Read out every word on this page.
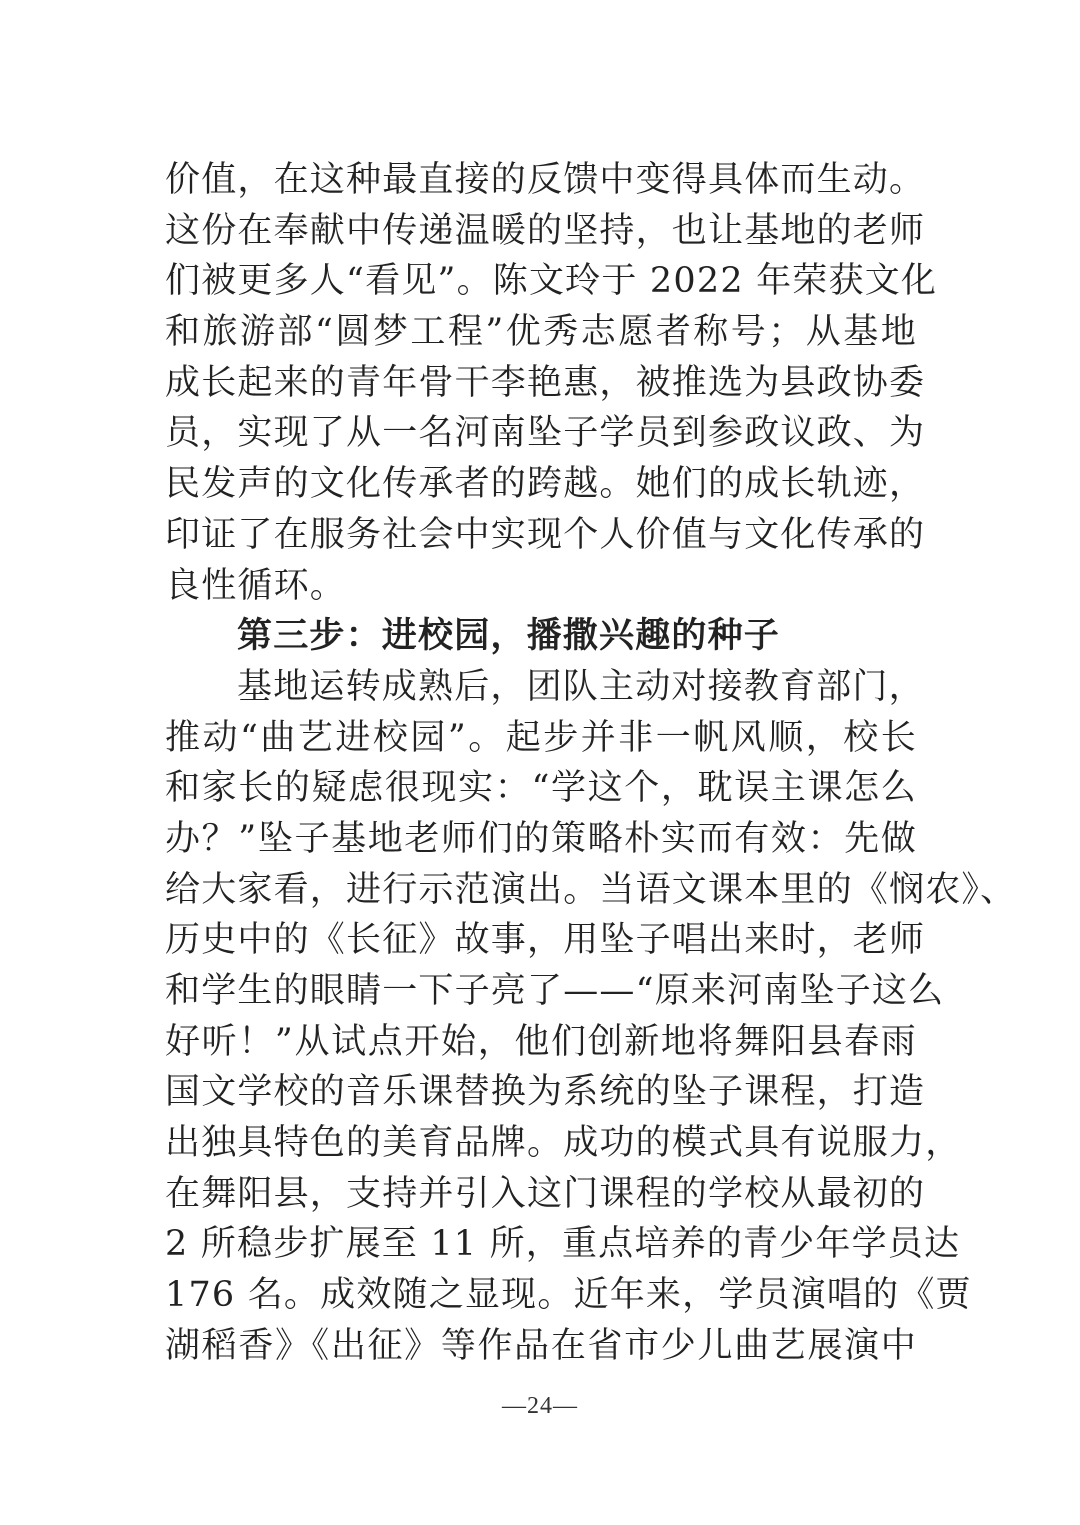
价值，在这种最直接的反馈中变得具体而生动。
这份在奉献中传递温暖的坚持，也让基地的老师
们被更多人“看见”。陈文玲于 2022 年荣获文化
和旅游部“圆梦工程”优秀志愿者称号；从基地
成长起来的青年骨干李艳惠，被推选为县政协委
员，实现了从一名河南坠子学员到参政议政、为
民发声的文化传承者的跨越。她们的成长轨迹，
印证了在服务社会中实现个人价值与文化传承的
良性循环。
第三步：进校园，播撒兴趣的种子
基地运转成熟后，团队主动对接教育部门，
推动“曲艺进校园”。起步并非一帆风顺，校长
和家长的疑虑很现实：“学这个，耽误主课怎么
办？”坠子基地老师们的策略朴实而有效：先做
给大家看，进行示范演出。当语文课本里的《悯农》、
历史中的《长征》故事，用坠子唱出来时，老师
和学生的眼睛一下子亮了——“原来河南坠子这么
好听！”从试点开始，他们创新地将舞阳县春雨
国文学校的音乐课替换为系统的坠子课程，打造
出独具特色的美育品牌。成功的模式具有说服力，
在舞阳县，支持并引入这门课程的学校从最初的
2 所稳步扩展至 11 所，重点培养的青少年学员达
176 名。成效随之显现。近年来，学员演唱的《贾
湖稻香》《出征》等作品在省市少儿曲艺展演中
—24—
